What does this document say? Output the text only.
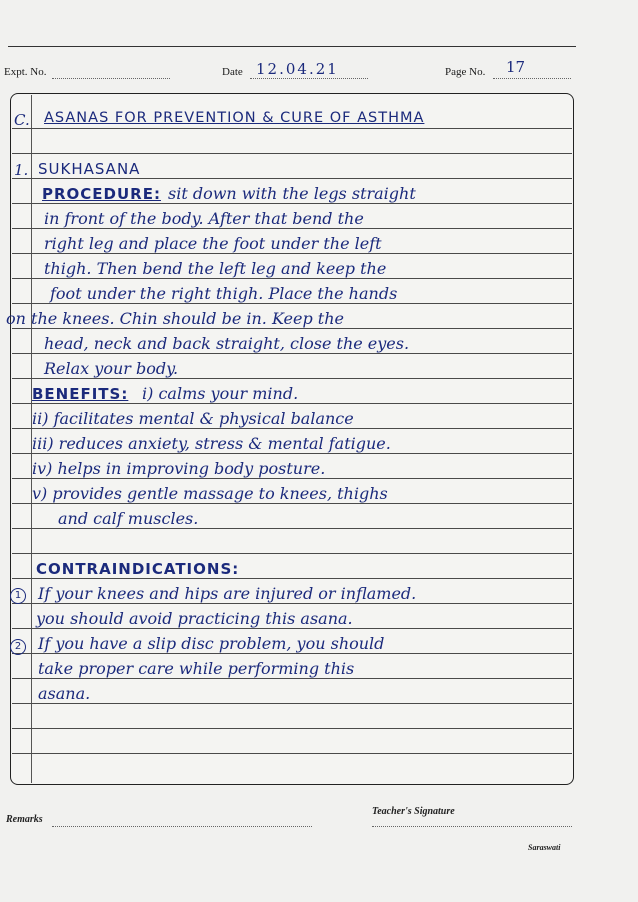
Expt. No.	Date 12.04.21	Page No. 17
C. ASANAS FOR PREVENTION & CURE OF ASTHMA
1. SUKHASANA
PROCEDURE: sit down with the legs straight
in front of the body. After that bend the
right leg and place the foot under the left
thigh. Then bend the left leg and keep the
foot under the right thigh. Place the hands
on the knees. Chin should be in. Keep the
head, neck and back straight, close the eyes.
Relax your body.
BENEFITS: i) calms your mind.
ii) facilitates mental & physical balance
iii) reduces anxiety, stress & mental fatigue.
iv) helps in improving body posture.
v) provides gentle massage to knees, thighs
and calf muscles.
CONTRAINDICATIONS:
1	If your knees and hips are injured or inflamed.
you should avoid practicing this asana.
2	If you have a slip disc problem, you should
take proper care while performing this
asana.
Remarks
Teacher's Signature
Saraswati
